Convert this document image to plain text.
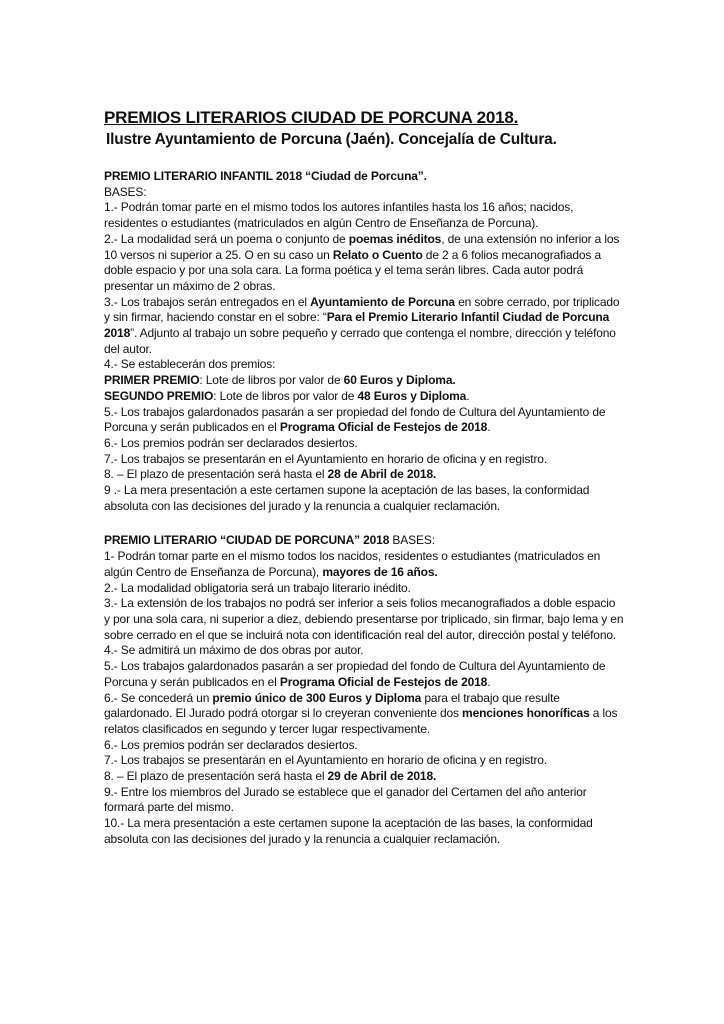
PREMIOS LITERARIOS CIUDAD DE PORCUNA 2018.
Ilustre Ayuntamiento de Porcuna (Jaén). Concejalía de Cultura.

PREMIO LITERARIO INFANTIL 2018 “Ciudad de Porcuna”.

BASES:

1.- Podrán tomar parte en el mismo todos los autores infantiles hasta los 16 años; nacidos, residentes o estudiantes (matriculados en algún Centro de Enseñanza de Porcuna).

2.- La modalidad será un poema o conjunto de poemas inéditos, de una extensión no inferior a los 10 versos ni superior a 25. O en su caso un Relato o Cuento de 2 a 6 folios mecanografiados a doble espacio y por una sola cara. La forma poética y el tema serán libres. Cada autor podrá presentar un máximo de 2 obras.

3.- Los trabajos serán entregados en el Ayuntamiento de Porcuna en sobre cerrado, por triplicado y sin firmar, haciendo constar en el sobre: “Para el Premio Literario Infantil Ciudad de Porcuna 2018”. Adjunto al trabajo un sobre pequeño y cerrado que contenga el nombre, dirección y teléfono del autor.

4.- Se establecerán dos premios:

PRIMER PREMIO: Lote de libros por valor de 60 Euros y Diploma.

SEGUNDO PREMIO: Lote de libros por valor de 48 Euros y Diploma.

5.- Los trabajos galardonados pasarán a ser propiedad del fondo de Cultura del Ayuntamiento de Porcuna y serán publicados en el Programa Oficial de Festejos de 2018.

6.- Los premios podrán ser declarados desiertos.

7.- Los trabajos se presentarán en el Ayuntamiento en horario de oficina y en registro.

8. – El plazo de presentación será hasta el 28 de Abril de 2018.

9 .- La mera presentación a este certamen supone la aceptación de las bases, la conformidad absoluta con las decisiones del jurado y la renuncia a cualquier reclamación.

PREMIO LITERARIO “CIUDAD DE PORCUNA” 2018 BASES:

1- Podrán tomar parte en el mismo todos los nacidos, residentes o estudiantes (matriculados en algún Centro de Enseñanza de Porcuna), mayores de 16 años.

2.- La modalidad obligatoria será un trabajo literario inédito.

3.- La extensión de los trabajos no podrá ser inferior a seis folios mecanografiados a doble espacio y por una sola cara, ni superior a diez, debiendo presentarse por triplicado, sin firmar, bajo lema y en sobre cerrado en el que se incluirá nota con identificación real del autor, dirección postal y teléfono.

4.- Se admitirá un máximo de dos obras por autor.

5.- Los trabajos galardonados pasarán a ser propiedad del fondo de Cultura del Ayuntamiento de Porcuna y serán publicados en el Programa Oficial de Festejos de 2018.

6.- Se concederá un premio único de 300 Euros y Diploma para el trabajo que resulte galardonado. El Jurado podrá otorgar si lo creyeran conveniente dos menciones honoríficas a los relatos clasificados en segundo y tercer lugar respectivamente.

6.- Los premios podrán ser declarados desiertos.

7.- Los trabajos se presentarán en el Ayuntamiento en horario de oficina y en registro.

8. – El plazo de presentación será hasta el 29 de Abril de 2018.

9.- Entre los miembros del Jurado se establece que el ganador del Certamen del año anterior formará parte del mismo.

10.- La mera presentación a este certamen supone la aceptación de las bases, la conformidad absoluta con las decisiones del jurado y la renuncia a cualquier reclamación.
